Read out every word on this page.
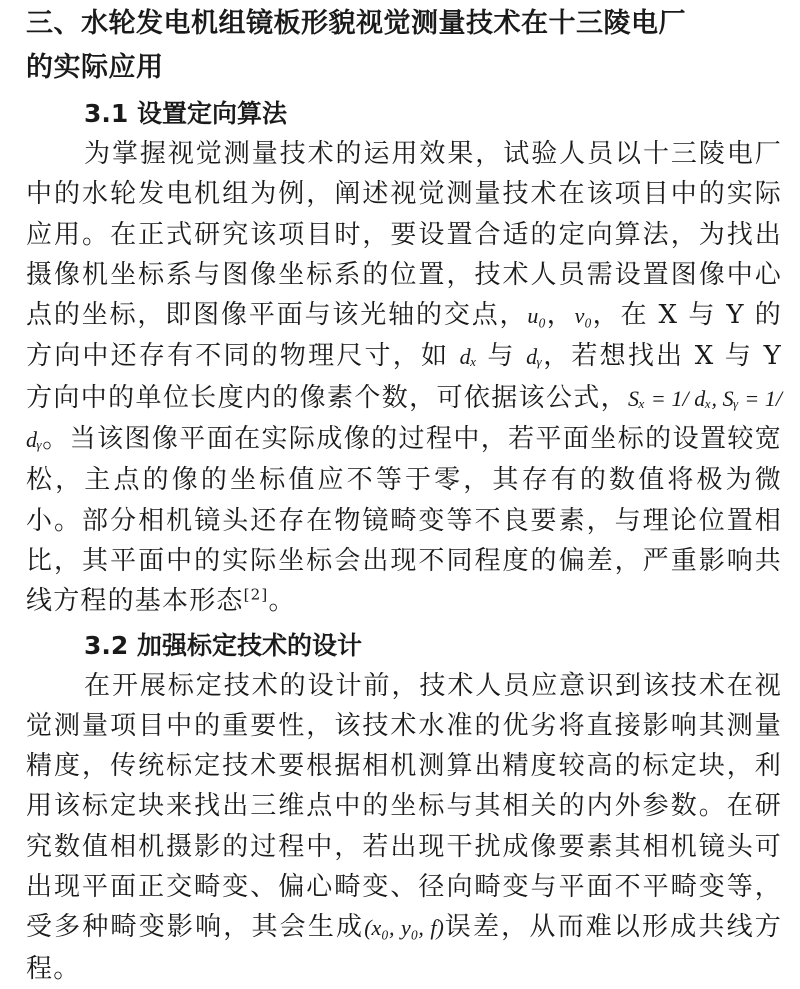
三、水轮发电机组镜板形貌视觉测量技术在十三陵电厂
的实际应用
3.1 设置定向算法

为掌握视觉测量技术的运用效果，试验人员以十三陵电厂中的水轮发电机组为例，阐述视觉测量技术在该项目中的实际应用。在正式研究该项目时，要设置合适的定向算法，为找出摄像机坐标系与图像坐标系的位置，技术人员需设置图像中心点的坐标，即图像平面与该光轴的交点，u₀，v₀，在 X 与 Y 的方向中还存有不同的物理尺寸，如 dₓ 与 dᵧ，若想找出 X 与 Y 方向中的单位长度内的像素个数，可依据该公式，Sₓ = 1/ dₓ, Sᵧ = 1/ dᵧ。当该图像平面在实际成像的过程中，若平面坐标的设置较宽松，主点的像的坐标值应不等于零，其存有的数值将极为微小。部分相机镜头还存在物镜畸变等不良要素，与理论位置相比，其平面中的实际坐标会出现不同程度的偏差，严重影响共线方程的基本形态[2]。

3.2 加强标定技术的设计

在开展标定技术的设计前，技术人员应意识到该技术在视觉测量项目中的重要性，该技术水准的优劣将直接影响其测量精度，传统标定技术要根据相机测算出精度较高的标定块，利用该标定块来找出三维点中的坐标与其相关的内外参数。在研究数值相机摄影的过程中，若出现干扰成像要素其相机镜头可出现平面正交畸变、偏心畸变、径向畸变与平面不平畸变等，受多种畸变影响，其会生成(x₀, y₀, f)误差，从而难以形成共线方程。
